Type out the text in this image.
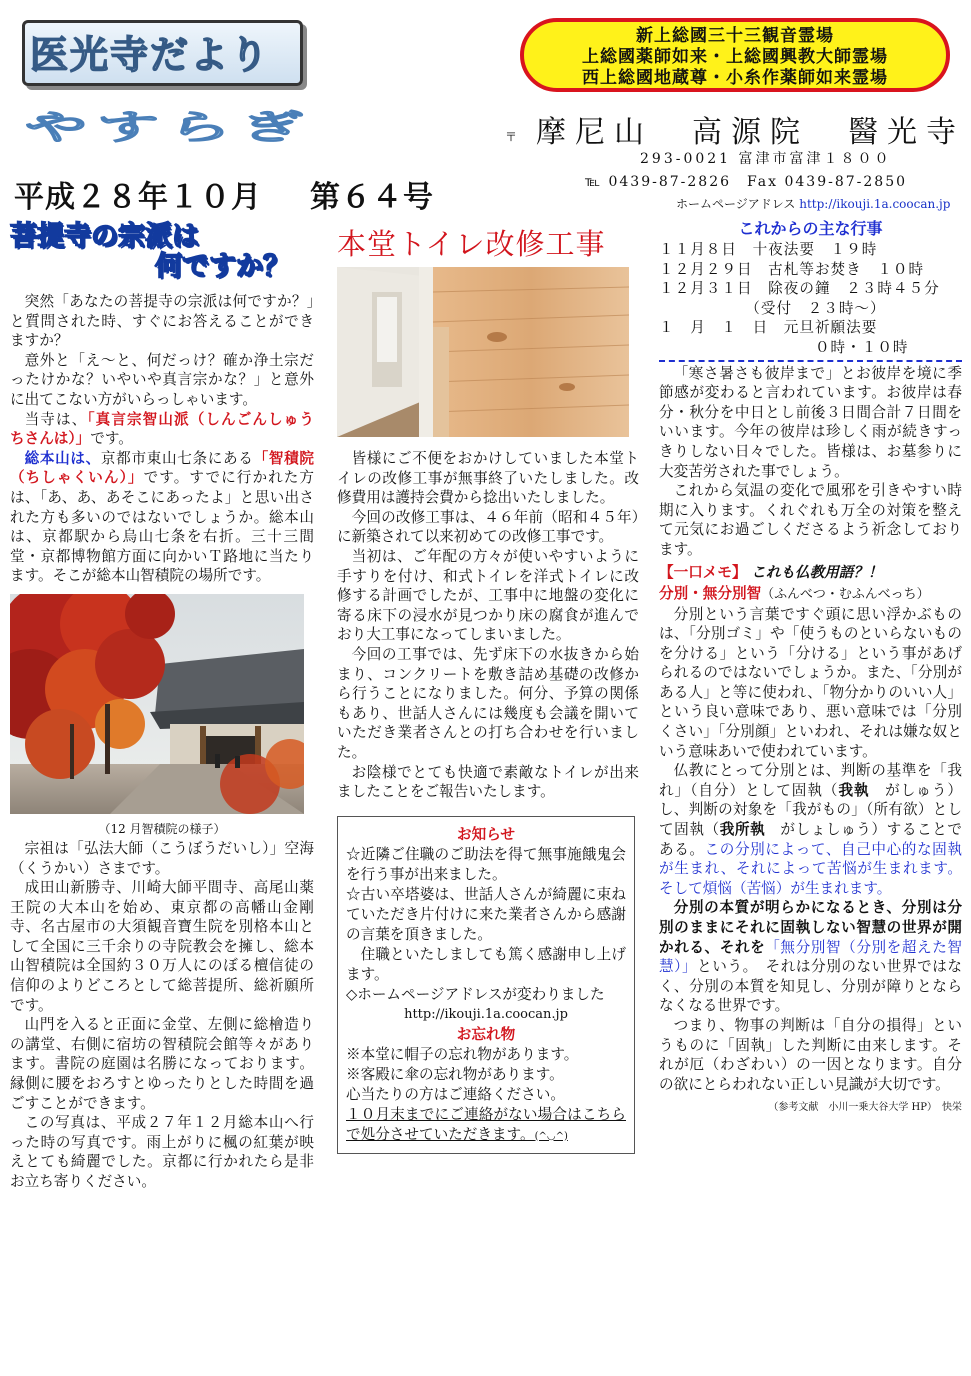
医光寺だより	新上総國三十三観音霊場
上総國薬師如来・上総國興教大師霊場
西上総國地蔵尊・小糸作薬師如来霊場
やすらぎ	〒 摩尼山　高源院　醫光寺
293-0021 富津市富津１８００
℡ 0439-87-2826　Fax 0439-87-2850
ホームページアドレス http://ikouji.1a.coocan.jp
平成２８年１０月 第６４号
菩提寺の宗派は
何ですか？

突然「あなたの菩提寺の宗派は何ですか？」と質問された時、すぐにお答えることができますか？

意外と「え～と、何だっけ？確か浄土宗だったけかな？いやいや真言宗かな？」と意外に出てこない方がいらっしゃいます。

当寺は、「真言宗智山派（しんごんしゅう　ちさんは）」です。

総本山は、京都市東山七条にある「智積院（ちしゃくいん）」です。すでに行かれた方は、「あ、あ、あそこにあったよ」と思い出された方も多いのではないでしょうか。総本山は、京都駅から烏山七条を右折。三十三間堂・京都博物館方面に向かいＴ路地に当たります。そこが総本山智積院の場所です。

（12 月智積院の様子）

宗祖は「弘法大師（こうぼうだいし）」空海（くうかい）さまです。

成田山新勝寺、川崎大師平間寺、高尾山薬王院の大本山を始め、東京都の高幡山金剛寺、名古屋市の大須観音寶生院を別格本山として全国に三千余りの寺院教会を擁し、総本山智積院は全国約３０万人にのぼる檀信徒の信仰のよりどころとして総菩提所、総祈願所です。

山門を入ると正面に金堂、左側に総檜造りの講堂、右側に宿坊の智積院会館等々があります。書院の庭園は名勝になっております。縁側に腰をおろすとゆったりとした時間を過ごすことができます。

この写真は、平成２７年１２月総本山へ行った時の写真です。雨上がりに楓の紅葉が映えとても綺麗でした。京都に行かれたら是非お立ち寄りください。

本堂トイレ改修工事

皆様にご不便をおかけしていました本堂トイレの改修工事が無事終了いたしました。改修費用は護持会費から捻出いたしました。

今回の改修工事は、４６年前（昭和４５年）に新築されて以来初めての改修工事です。

当初は、ご年配の方々が使いやすいように手すりを付け、和式トイレを洋式トイレに改修する計画でしたが、工事中に地盤の変化に寄る床下の浸水が見つかり床の腐食が進んでおり大工事になってしまいました。

今回の工事では、先ず床下の水抜きから始まり、コンクリートを敷き詰め基礎の改修から行うことになりました。何分、予算の関係もあり、世話人さんには幾度も会議を開いていただき業者さんとの打ち合わせを行いました。

お陰様でとても快適で素敵なトイレが出来ましたことをご報告いたします。

お知らせ
☆近隣ご住職のご助法を得て無事施餓鬼会を行う事が出来ました。
☆古い卒塔婆は、世話人さんが綺麗に束ねていただき片付けに来た業者さんから感謝の言葉を頂きました。
住職といたしましても篤く感謝申し上げます。
◇ホームページアドレスが変わりました
http://ikouji.1a.coocan.jp
お忘れ物
※本堂に帽子の忘れ物があります。
※客殿に傘の忘れ物があります。
心当たりの方はご連絡ください。
１０月末までにご連絡がない場合はこちらで処分させていただきます。(^◡^)
これからの主な行事
１１月８日　十夜法要　１９時
１２月２９日　古札等お焚き　１０時
１２月３１日　除夜の鐘　２３時４５分
　　　　　　（受付　２３時～）
１　月　１　日　元旦祈願法要
　　　　　　　　　　０時・１０時

「寒さ暑さも彼岸まで」とお彼岸を境に季節感が変わると言われています。お彼岸は春分・秋分を中日とし前後３日間合計７日間をいいます。今年の彼岸は珍しく雨が続きすっきりしない日々でした。皆様は、お墓参りに大変苦労された事でしょう。

これから気温の変化で風邪を引きやすい時期に入ります。くれぐれも万全の対策を整えて元気にお過ごしくださるよう祈念しております。

【一口メモ】 これも仏教用語？！
分別・無分別智（ふんべつ・むふんべっち）

分別という言葉ですぐ頭に思い浮かぶものは、「分別ゴミ」や「使うものといらないものを分ける」という「分ける」という事があげられるのではないでしょうか。また、「分別がある人」と等に使われ、「物分かりのいい人」という良い意味であり、悪い意味では「分別くさい」「分別顔」といわれ、それは嫌な奴という意味あいで使われています。

仏教にとって分別とは、判断の基準を「我れ」（自分）として固執（我執　がしゅう）し、判断の対象を「我がもの」（所有欲）として固執（我所執　がしょしゅう）することである。この分別によって、自己中心的な固執が生まれ、それによって苦悩が生まれます。そして煩悩（苦悩）が生まれます。

分別の本質が明らかになるとき、分別は分別のままにそれに固執しない智慧の世界が開かれる、それを「無分別智（分別を超えた智慧）」という。　それは分別のない世界ではなく、分別の本質を知見し、分別が障りとならなくなる世界です。

つまり、物事の判断は「自分の損得」というものに「固執」した判断に由来します。それが厄（わざわい）の一因となります。自分の欲にとらわれない正しい見識が大切です。

（参考文献　小川一乗大谷大学 HP）　快栄
